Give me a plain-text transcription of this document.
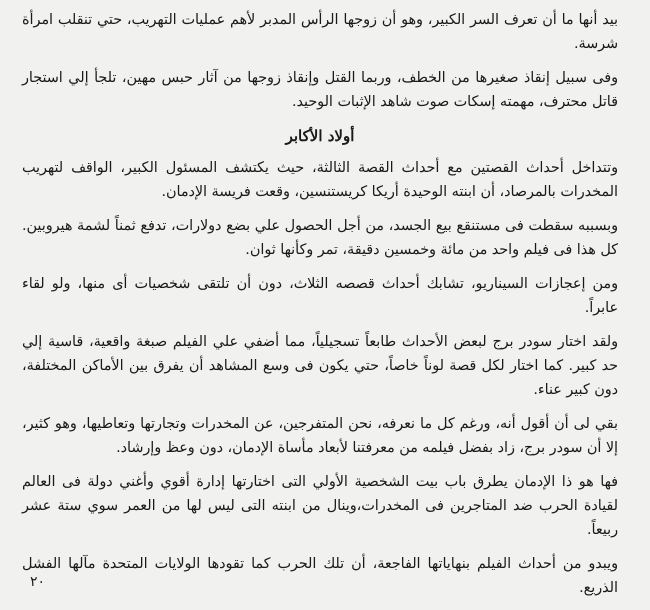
بيد أنها ما أن تعرف السر الكبير، وهو أن زوجها الرأس المدبر لأهم عمليات التهريب، حتي تنقلب امرأة شرسة.

وفى سبيل إنقاذ صغيرها من الخطف، وربما القتل وإنقاذ زوجها من آثار حبس مهين، تلجأ إلي استجار قاتل محترف، مهمته إسكات صوت شاهد الإثبات الوحيد.

أولاد الأكابر

وتتداخل أحداث القصتين مع أحداث القصة الثالثة، حيث يكتشف المسئول الكبير، الواقف لتهريب المخدرات بالمرصاد، أن ابنته الوحيدة أريكا كريستنسين، وقعت فريسة الإدمان.

وبسببه سقطت فى مستنقع بيع الجسد، من أجل الحصول علي بضع دولارات، تدفع ثمناً لشمة هيروبين. كل هذا فى فيلم واحد من مائة وخمسين دقيقة، تمر وكأنها ثوان.

ومن إعجازات السيناريو، تشابك أحداث قصصه الثلاث، دون أن تلتقى شخصيات أى منها، ولو لقاء عابراً.

ولقد اختار سودر برج لبعض الأحداث طابعاً تسجيلياً، مما أضفي علي الفيلم صبغة واقعية، قاسية إلي حد كبير. كما اختار لكل قصة لوناً خاصاً، حتي يكون فى وسع المشاهد أن يفرق بين الأماكن المختلفة، دون كبير عناء.

بقي لى أن أقول أنه، ورغم كل ما نعرفه، نحن المتفرجين، عن المخدرات وتجارتها وتعاطيها، وهو كثير، إلا أن سودر برج، زاد بفضل فيلمه من معرفتنا لأبعاد مأساة الإدمان، دون وعظ وإرشاد.

فها هو ذا الإدمان يطرق باب بيت الشخصية الأولي التى اختارتها إدارة أقوي وأغني دولة فى العالم لقيادة الحرب ضد المتاجرين فى المخدرات،وينال من ابنته التى ليس لها من العمر سوي ستة عشر ربيعاً.

ويبدو من أحداث الفيلم بنهاياتها الفاجعة، أن تلك الحرب كما تقودها الولايات المتحدة مآلها الفشل الذريع.

٢٠
